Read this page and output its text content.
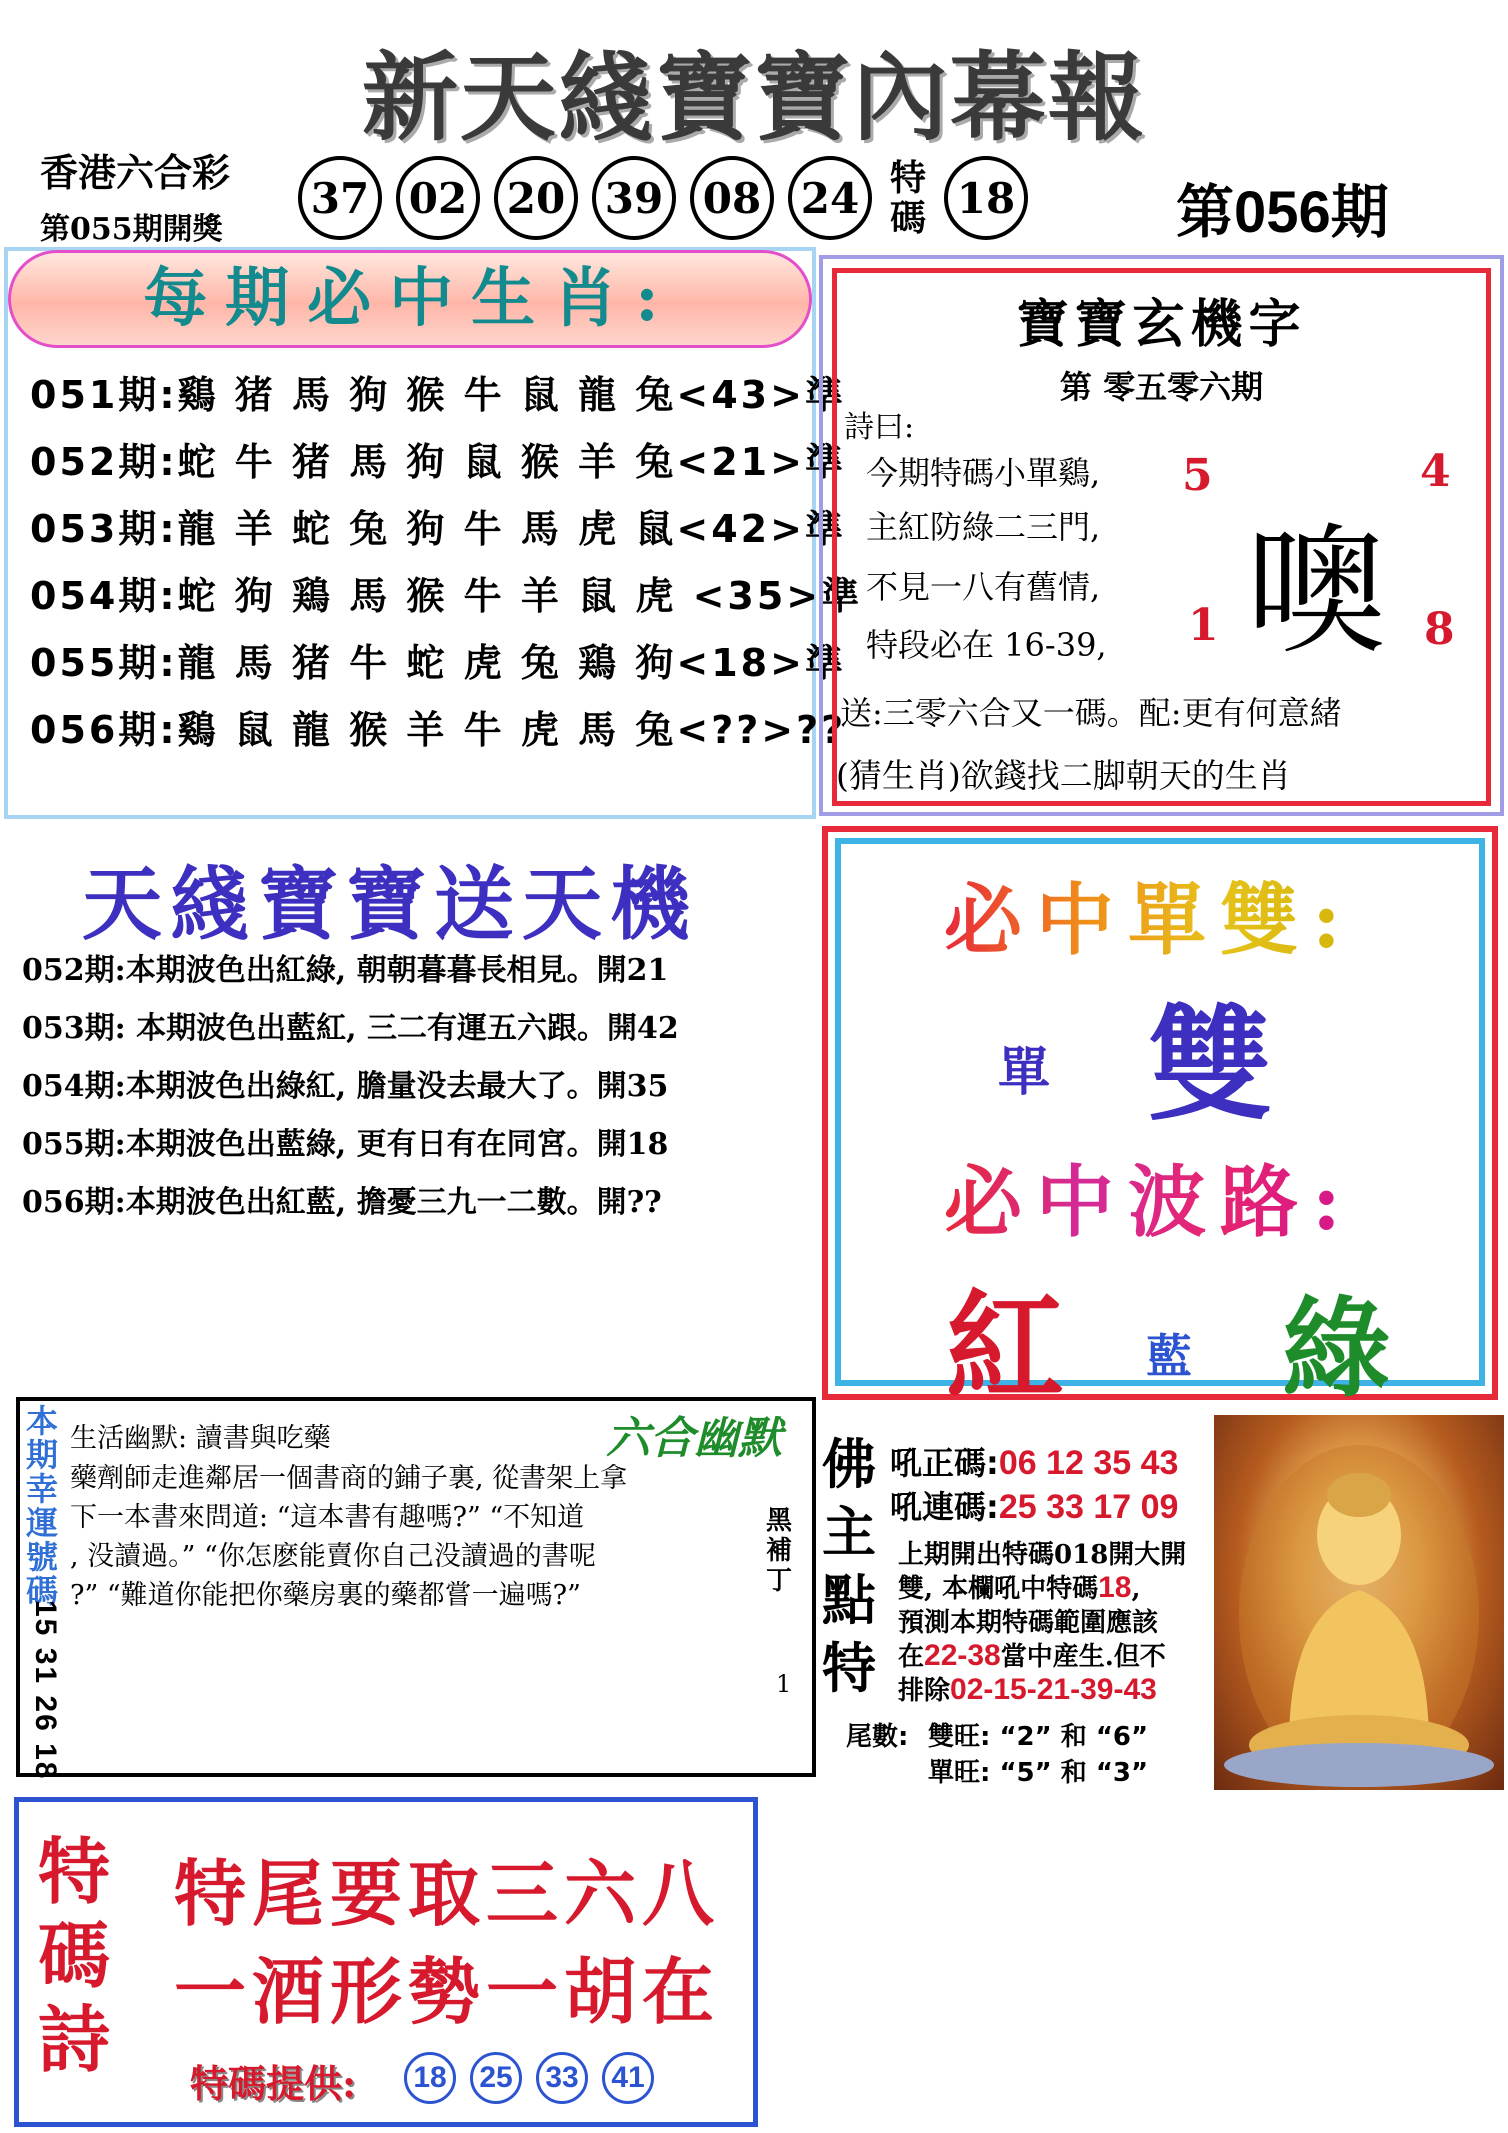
新天綫寶寶內幕報
香港六合彩
第055期開獎
37 02 20 39 08 24 特
碼 18	第056期
每期必中生肖:
051期:鷄 猪 馬 狗 猴 牛 鼠 龍 兔<43>準
052期:蛇 牛 猪 馬 狗 鼠 猴 羊 兔<21>準
053期:龍 羊 蛇 兔 狗 牛 馬 虎 鼠<42>準
054期:蛇 狗 鶏 馬 猴 牛 羊 鼠 虎 <35>準
055期:龍 馬 猪 牛 蛇 虎 兔 鶏 狗<18>準
056期:鷄 鼠 龍 猴 羊 牛 虎 馬 兔<??>??
寶寶玄機字
第 零五零六期
詩曰:
今期特碼小單鷄,
主紅防綠二三門,
不見一八有舊情,
特段必在 16-39, 噢
5	4
1	8
送:三零六合又一碼。配:更有何意緒
(猜生肖)欲錢找二脚朝天的生肖
天綫寶寶送天機
052期:本期波色出紅綠, 朝朝暮暮長相見。開21
053期: 本期波色出藍紅, 三二有運五六跟。開42
054期:本期波色出綠紅, 膽量没去最大了。開35
055期:本期波色出藍綠, 更有日有在同宮。開18
056期:本期波色出紅藍, 擔憂三九一二數。開??
必中單雙:
單 雙
必中波路:
紅 藍 綠
本期幸運號碼
15 31 26 18
六合幽默
生活幽默: 讀書與吃藥
藥劑師走進鄰居一個書商的鋪子裏, 從書架上拿
下一本書來問道: “這本書有趣嗎?” “不知道
, 没讀過。” “你怎麽能賣你自己没讀過的書呢
?” “難道你能把你藥房裏的藥都嘗一遍嗎?”
黑補丁
1
佛主點特
吼正碼:06 12 35 43
吼連碼:25 33 17 09
上期開出特碼018開大開
雙, 本欄吼中特碼18,
預測本期特碼範圍應該
在22-38當中産生.但不
排除02-15-21-39-43
尾數: 雙旺: “2” 和 “6”
單旺: “5” 和 “3”
特碼詩
特尾要取三六八
一酒形勢一胡在
特碼提供:	18	25	33	41
